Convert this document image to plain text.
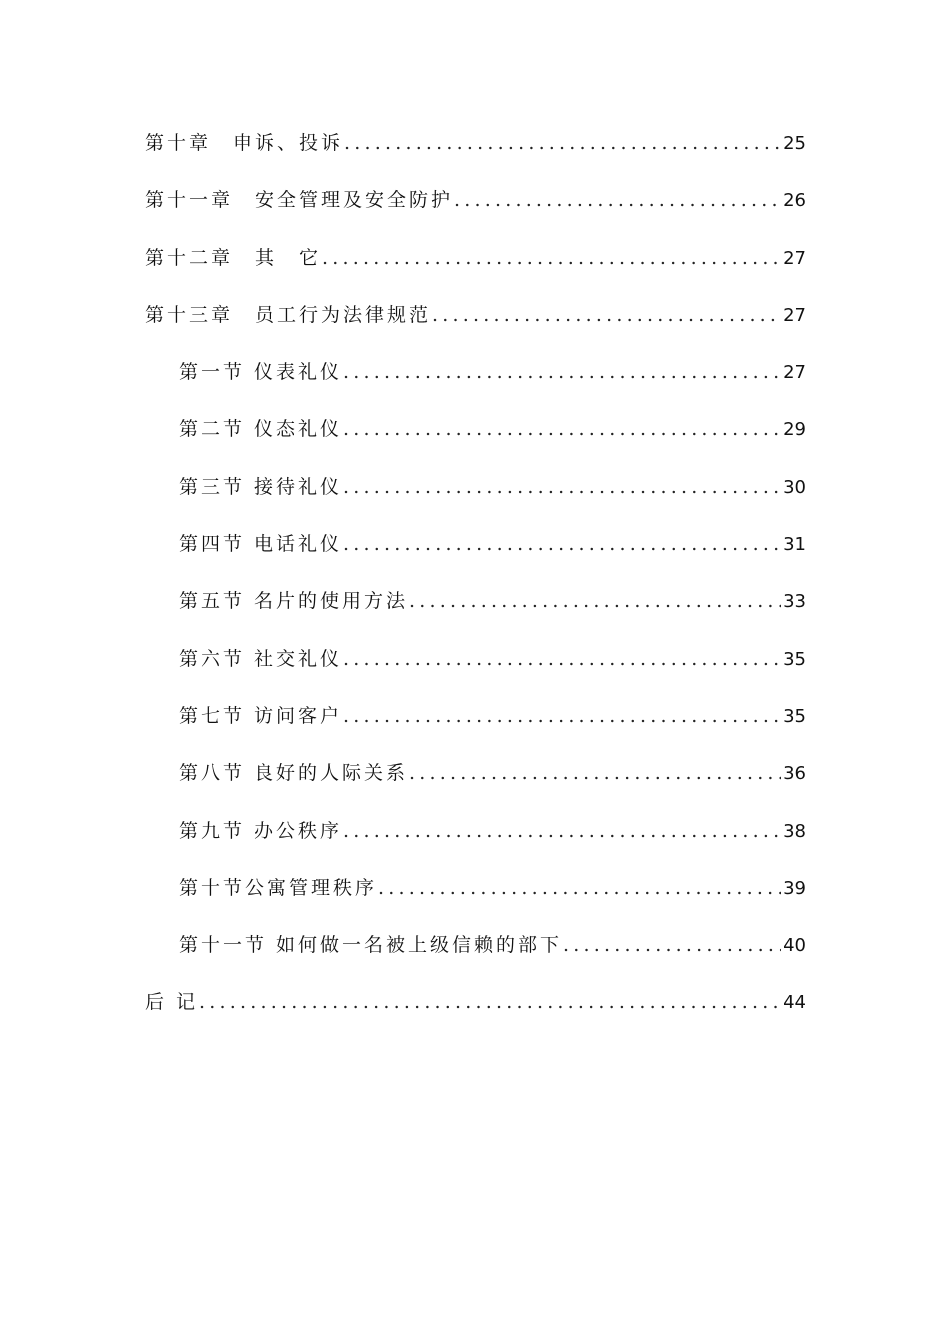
第十章　申诉、投诉 .....	25
第十一章　安全管理及安全防护 .....	26
第十二章　其　它 .....	27
第十三章　员工行为法律规范 .....	27
第一节 仪表礼仪 .....	27
第二节 仪态礼仪 .....	29
第三节 接待礼仪 .....	30
第四节 电话礼仪 .....	31
第五节 名片的使用方法 .....	33
第六节 社交礼仪 .....	35
第七节 访问客户 .....	35
第八节 良好的人际关系 .....	36
第九节 办公秩序 .....	38
第十节公寓管理秩序 .....	39
第十一节 如何做一名被上级信赖的部下 .....	40
后 记 .....	44
